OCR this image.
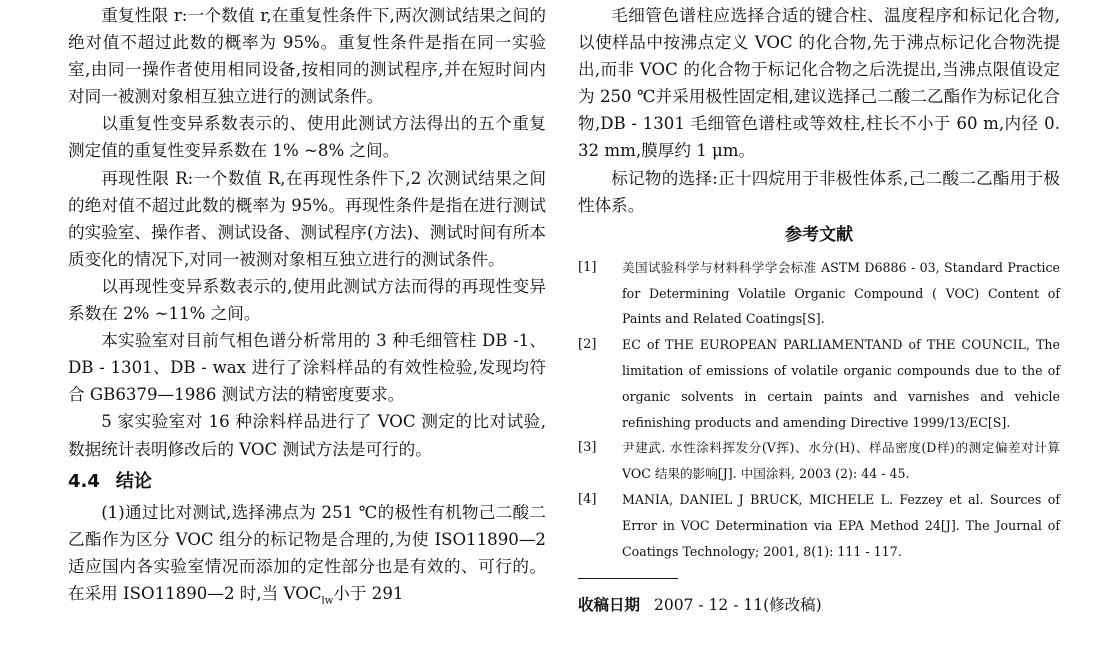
重复性限 r:一个数值 r,在重复性条件下,两次测试结果之间的绝对值不超过此数的概率为 95%。重复性条件是指在同一实验室,由同一操作者使用相同设备,按相同的测试程序,并在短时间内对同一被测对象相互独立进行的测试条件。

以重复性变异系数表示的、使用此测试方法得出的五个重复测定值的重复性变异系数在 1% ~8% 之间。

再现性限 R:一个数值 R,在再现性条件下,2 次测试结果之间的绝对值不超过此数的概率为 95%。再现性条件是指在进行测试的实验室、操作者、测试设备、测试程序(方法)、测试时间有所本质变化的情况下,对同一被测对象相互独立进行的测试条件。

以再现性变异系数表示的,使用此测试方法而得的再现性变异系数在 2% ~11% 之间。

本实验室对目前气相色谱分析常用的 3 种毛细管柱 DB -1、DB - 1301、DB - wax 进行了涂料样品的有效性检验,发现均符合 GB6379—1986 测试方法的精密度要求。

5 家实验室对 16 种涂料样品进行了 VOC 测定的比对试验,数据统计表明修改后的 VOC 测试方法是可行的。

4.4 结论

(1)通过比对测试,选择沸点为 251 ℃的极性有机物己二酸二乙酯作为区分 VOC 组分的标记物是合理的,为使 ISO11890—2 适应国内各实验室情况而添加的定性部分也是有效的、可行的。在采用 ISO11890—2 时,当 $VOC_{lw}$小于 291

毛细管色谱柱应选择合适的键合柱、温度程序和标记化合物,以使样品中按沸点定义 VOC 的化合物,先于沸点标记化合物洗提出,而非 VOC 的化合物于标记化合物之后洗提出,当沸点限值设定为 250 ℃并采用极性固定相,建议选择己二酸二乙酯作为标记化合物,DB - 1301 毛细管色谱柱或等效柱,柱长不小于 60 m,内径 0. 32 mm,膜厚约 1 μm。

标记物的选择:正十四烷用于非极性体系,己二酸二乙酯用于极性体系。

参考文献
[1]	美国试验科学与材料科学学会标准 ASTM D6886 - 03, Standard Practice for Determining Volatile Organic Compound ( VOC) Content of Paints and Related Coatings[S].
[2]	EC of THE EUROPEAN PARLIAMENTAND of THE COUNCIL, The limitation of emissions of volatile organic compounds due to the of organic solvents in certain paints and varnishes and vehicle refinishing products and amending Directive 1999/13/EC[S].
[3]	尹建武. 水性涂料挥发分(V挥)、水分(H)、样品密度(D样)的测定偏差对计算 VOC 结果的影响[J]. 中国涂料, 2003 (2): 44 - 45.
[4]	MANIA, DANIEL J BRUCK, MICHELE L. Fezzey et al. Sources of Error in VOC Determination via EPA Method 24[J]. The Journal of Coatings Technology; 2001, 8(1): 111 - 117.
收稿日期 2007 - 12 - 11(修改稿)
